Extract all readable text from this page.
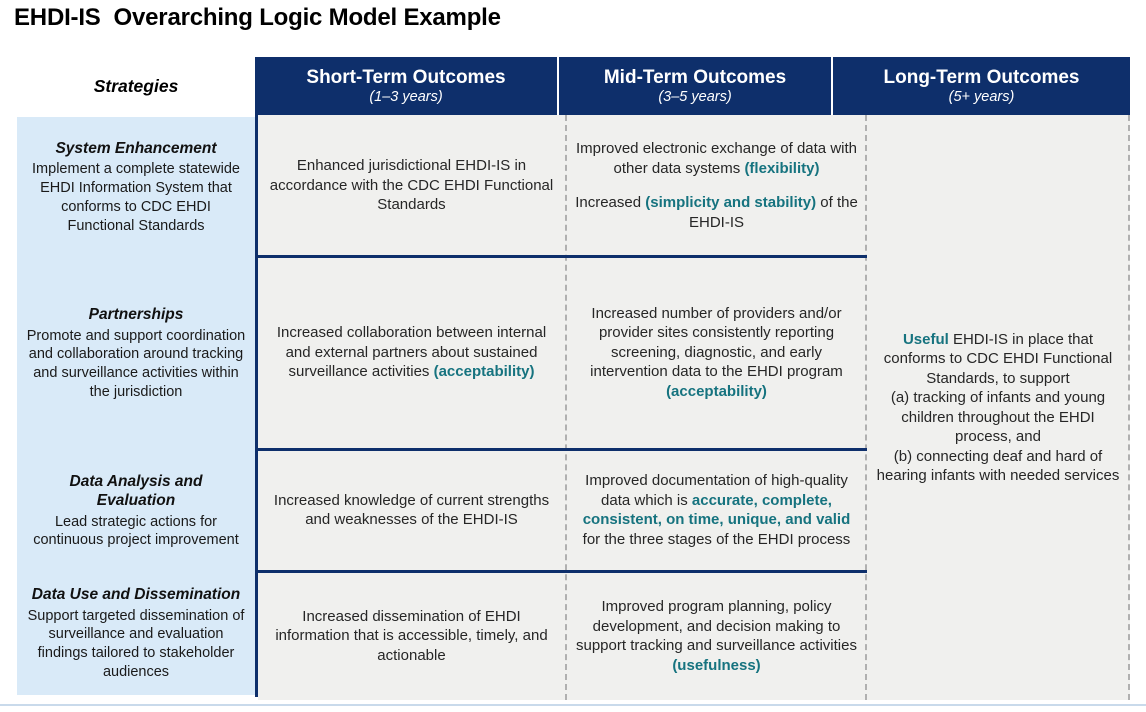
EHDI-IS  Overarching Logic Model Example
Strategies	Short-Term Outcomes
(1–3 years)
Mid-Term Outcomes
(3–5 years)
Long-Term Outcomes
(5+ years)
System Enhancement
Implement a complete statewide EHDI Information System that conforms to CDC EHDI Functional Standards
Partnerships
Promote and support coordination and collaboration around tracking and surveillance activities within the jurisdiction
Data Analysis and Evaluation
Lead strategic actions for continuous project improvement
Data Use and Dissemination
Support targeted dissemination of surveillance and evaluation findings tailored to stakeholder audiences

Enhanced jurisdictional EHDI-IS in accordance with the CDC EHDI Functional Standards

Increased collaboration between internal and external partners about sustained surveillance activities (acceptability)

Increased knowledge of current strengths and weaknesses of the EHDI-IS

Increased dissemination of EHDI information that is accessible, timely, and actionable

Improved electronic exchange of data with other data systems (flexibility)

Increased (simplicity and stability) of the EHDI-IS

Increased number of providers and/or provider sites consistently reporting screening, diagnostic, and early intervention data to the EHDI program (acceptability)

Improved documentation of high-quality data which is accurate, complete, consistent, on time, unique, and valid for the three stages of the EHDI process

Improved program planning, policy development, and decision making to support tracking and surveillance activities (usefulness)

Useful EHDI-IS in place that conforms to CDC EHDI Functional Standards, to support

(a) tracking of infants and young children throughout the EHDI process, and

(b) connecting deaf and hard of hearing infants with needed services
